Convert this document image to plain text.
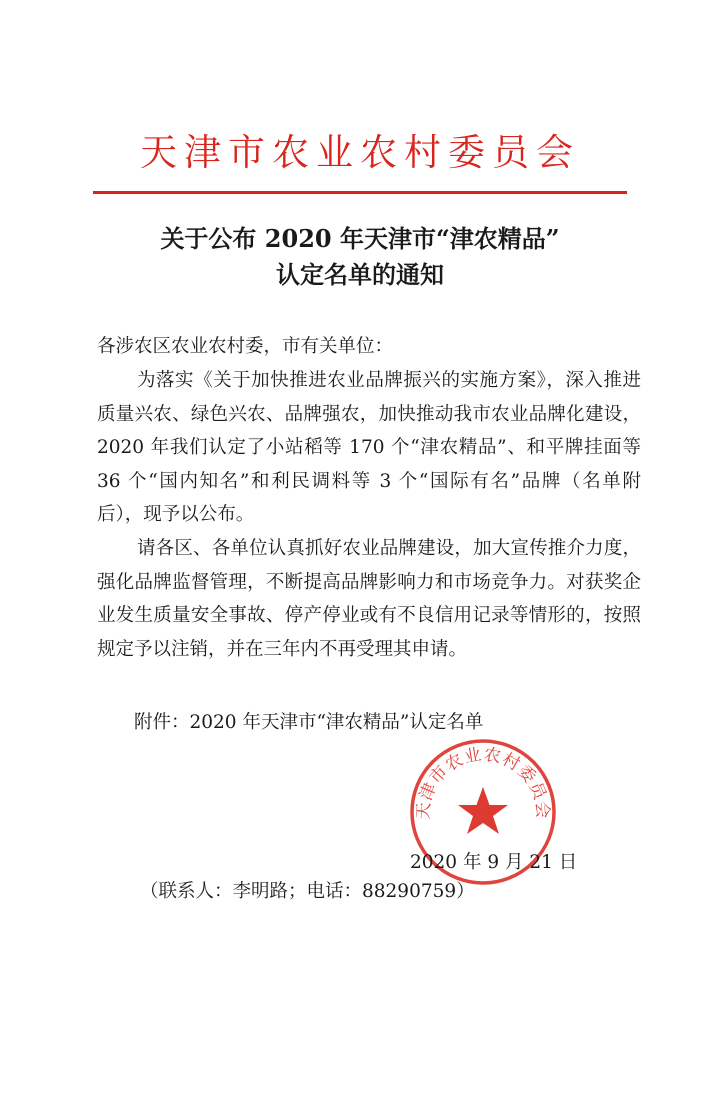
天津市农业农村委员会
关于公布 2020 年天津市“津农精品”
认定名单的通知
各涉农区农业农村委，市有关单位：
为落实《关于加快推进农业品牌振兴的实施方案》，深入推进质量兴农、绿色兴农、品牌强农，加快推动我市农业品牌化建设，2020 年我们认定了小站稻等 170 个“津农精品”、和平牌挂面等 36 个“国内知名”和利民调料等 3 个“国际有名”品牌（名单附后），现予以公布。
请各区、各单位认真抓好农业品牌建设，加大宣传推介力度，强化品牌监督管理，不断提高品牌影响力和市场竞争力。对获奖企业发生质量安全事故、停产停业或有不良信用记录等情形的，按照规定予以注销，并在三年内不再受理其申请。
附件：2020 年天津市“津农精品”认定名单
天津市农业农村委员会
2020 年 9 月 21 日
（联系人：李明路；电话：88290759）
